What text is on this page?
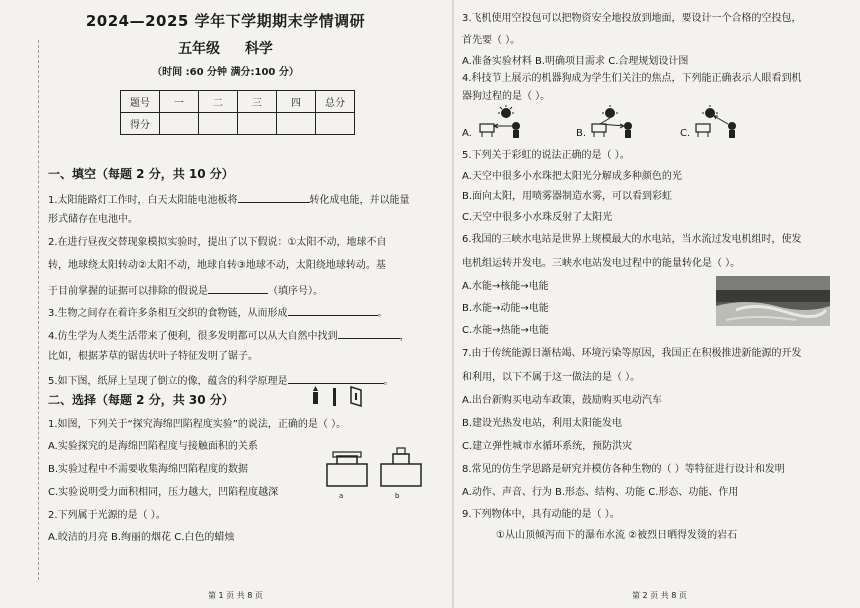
2024—2025 学年下学期期末学情调研
五年级 科学
（时间 :60 分钟 满分:100 分）
题号	一	二	三	四	总分
得分					
一、填空（每题 2 分，共 10 分）
1.太阳能路灯工作时，白天太阳能电池板将	转化成电能，并以能量
形式储存在电池中。
2.在进行昼夜交替现象模拟实验时，提出了以下假说：①太阳不动，地球不自
转，地球绕太阳转动②太阳不动，地球自转③地球不动，太阳绕地球转动。基
于目前掌握的证据可以排除的假说是	（填序号）。
3.生物之间存在着许多条相互交织的食物链，从而形成	。
4.仿生学为人类生活带来了便利，很多发明都可以从大自然中找到	，
比如，根据茅草的锯齿状叶子特征发明了锯子。
5.如下图，纸屏上呈现了倒立的像，蕴含的科学原理是	。
二、选择（每题 2 分，共 30 分）
1.如图，下列关于“探究海绵凹陷程度实验”的说法，正确的是（ ）。
A.实验探究的是海绵凹陷程度与接触面积的关系
B.实验过程中不需要收集海绵凹陷程度的数据
C.实验说明受力面积相同，压力越大，凹陷程度越深	a	b
2.下列属于光源的是（ ）。
A.皎洁的月亮 B.绚丽的烟花 C.白色的蜡烛
第 1 页 共 8 页
3.飞机使用空投包可以把物资安全地投放到地面，要设计一个合格的空投包，
首先要（ ）。
A.准备实验材料 B.明确项目需求 C.合理规划设计图
4.科技节上展示的机器狗成为学生们关注的焦点，下列能正确表示人眼看到机
器狗过程的是（ ）。
A.	B.	C.
5.下列关于彩虹的说法正确的是（ ）。
A.天空中很多小水珠把太阳光分解成多种颜色的光
B.面向太阳，用喷雾器制造水雾，可以看到彩虹
C.天空中很多小水珠反射了太阳光
6.我国的三峡水电站是世界上规模最大的水电站，当水流过发电机组时，使发
电机组运转并发电。三峡水电站发电过程中的能量转化是（ ）。
A.水能→核能→电能
B.水能→动能→电能
C.水能→热能→电能
7.由于传统能源日渐枯竭、环境污染等原因，我国正在积极推进新能源的开发
和利用，以下不属于这一做法的是（ ）。
A.出台新购买电动车政策，鼓励购买电动汽车
B.建设光热发电站，利用太阳能发电
C.建立弹性城市水循环系统，预防洪灾
8.常见的仿生学思路是研究并模仿各种生物的（ ）等特征进行设计和发明
A.动作、声音、行为 B.形态、结构、功能 C.形态、功能、作用
9.下列物体中，具有动能的是（ ）。
①从山顶倾泻而下的瀑布水流 ②被烈日晒得发烫的岩石
第 2 页 共 8 页
